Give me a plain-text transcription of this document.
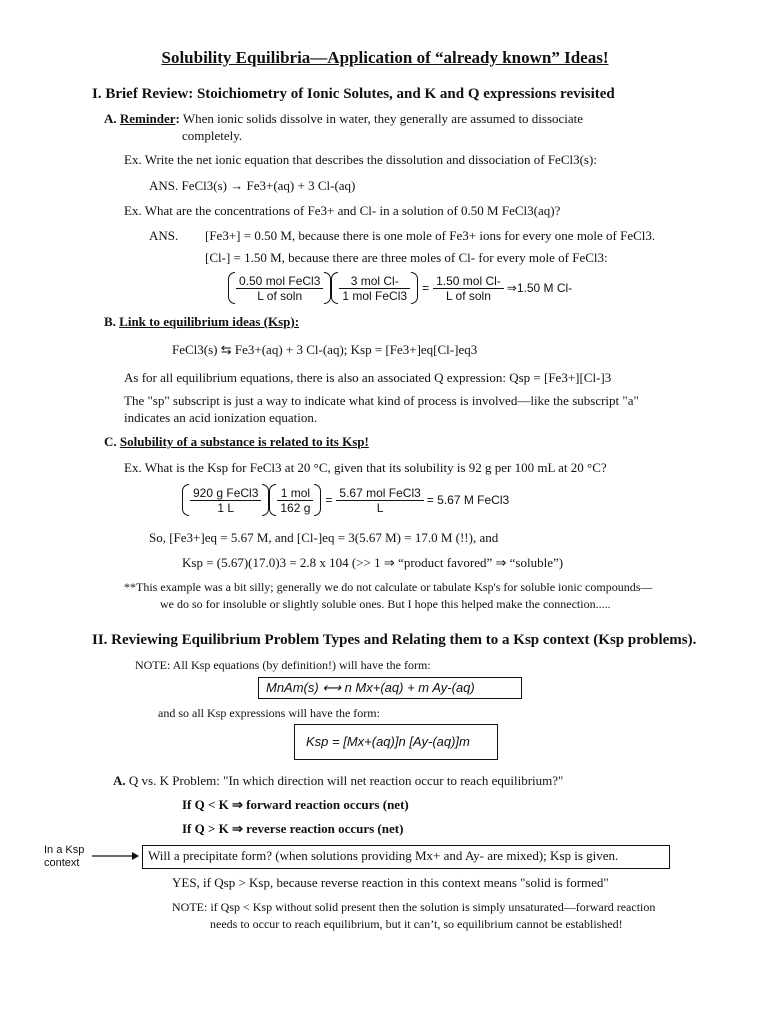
Solubility Equilibria—Application of “already known” Ideas!
I. Brief Review: Stoichiometry of Ionic Solutes, and K and Q expressions revisited
A. Reminder: When ionic solids dissolve in water, they generally are assumed to dissociate
completely.
Ex. Write the net ionic equation that describes the dissolution and dissociation of FeCl3(s):
ANS. FeCl3(s) → Fe3+(aq) + 3 Cl-(aq)
Ex. What are the concentrations of Fe3+ and Cl- in a solution of 0.50 M FeCl3(aq)?
ANS. [Fe3+] = 0.50 M, because there is one mole of Fe3+ ions for every one mole of FeCl3.
[Cl-] = 1.50 M, because there are three moles of Cl- for every mole of FeCl3:
$\frac{\text{0.50 mol FeCl3}}{\text{L of soln}} \frac{\text{3 mol Cl-}}{\text{1 mol FeCl3}} = \frac{\text{1.50 mol Cl-}}{\text{L of soln}}$ ⇒1.50 M Cl-
B. Link to equilibrium ideas (Ksp):
FeCl3(s) ⇆ Fe3+(aq) + 3 Cl-(aq); Ksp = [Fe3+]eq[Cl-]eq3
As for all equilibrium equations, there is also an associated Q expression: Qsp = [Fe3+][Cl-]3
The "sp" subscript is just a way to indicate what kind of process is involved—like the subscript "a"
indicates an acid ionization equation.
C. Solubility of a substance is related to its Ksp!
Ex. What is the Ksp for FeCl3 at 20 °C, given that its solubility is 92 g per 100 mL at 20 °C?
$\frac{\text{920 g FeCl3}}{1 L} \frac{\text{1 mol}}{162 g} = \frac{\text{5.67 mol FeCl3}}{L} = 5.67$ M FeCl3
So, [Fe3+]eq = 5.67 M, and [Cl-]eq = 3(5.67 M) = 17.0 M (!!), and
Ksp = (5.67)(17.0)3 = 2.8 x 104 (>> 1 ⇒ “product favored” ⇒ “soluble”)
**This example was a bit silly; generally we do not calculate or tabulate Ksp's for soluble ionic compounds—
we do so for insoluble or slightly soluble ones. But I hope this helped make the connection.....
II. Reviewing Equilibrium Problem Types and Relating them to a Ksp context (Ksp problems).
NOTE: All Ksp equations (by definition!) will have the form:
MnAm(s) ⟷ n Mx+(aq) + m Ay-(aq)
and so all Ksp expressions will have the form:
Ksp = [Mx+(aq)]n [Ay-(aq)]m
A. Q vs. K Problem: "In which direction will net reaction occur to reach equilibrium?"
If Q < K ⇒ forward reaction occurs (net)
If Q > K ⇒ reverse reaction occurs (net)
In a Ksp
context	Will a precipitate form? (when solutions providing Mx+ and Ay- are mixed); Ksp is given.
YES, if Qsp > Ksp, because reverse reaction in this context means "solid is formed"
NOTE: if Qsp < Ksp without solid present then the solution is simply unsaturated—forward reaction
needs to occur to reach equilibrium, but it can’t, so equilibrium cannot be established!
